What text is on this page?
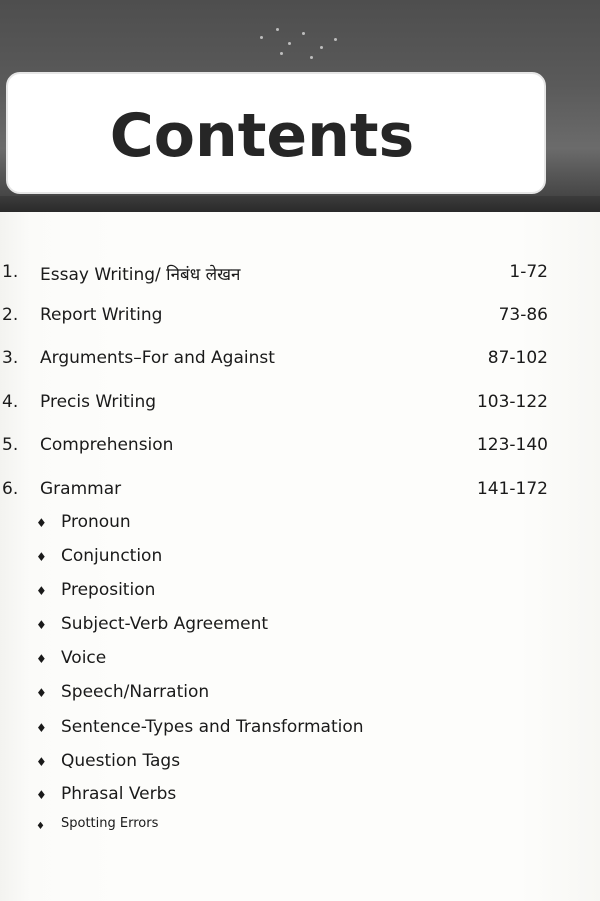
Contents
1. Essay Writing/ निबंध लेखन	1-72
2. Report Writing	73-86
3. Arguments–For and Against	87-102
4. Precis Writing	103-122
5. Comprehension	123-140
6. Grammar	141-172
♦ Pronoun
♦ Conjunction
♦ Preposition
♦ Subject-Verb Agreement
♦ Voice
♦ Speech/Narration
♦ Sentence-Types and Transformation
♦ Question Tags
♦ Phrasal Verbs
♦ Spotting Errors
